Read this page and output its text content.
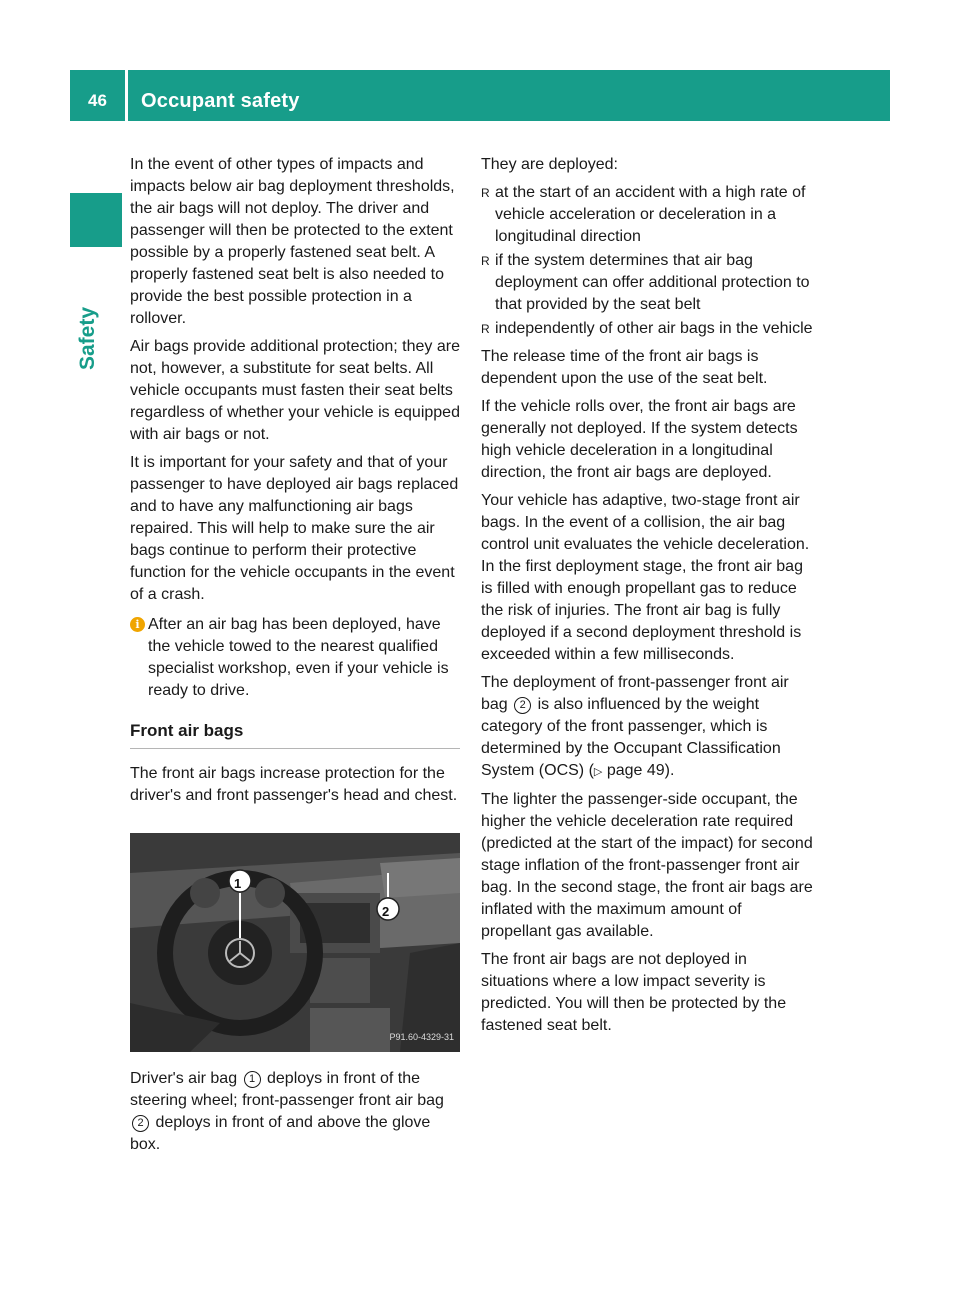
46	Occupant safety
Safety

In the event of other types of impacts and impacts below air bag deployment thresholds, the air bags will not deploy. The driver and passenger will then be protected to the extent possible by a properly fastened seat belt. A properly fastened seat belt is also needed to provide the best possible protection in a rollover.

Air bags provide additional protection; they are not, however, a substitute for seat belts. All vehicle occupants must fasten their seat belts regardless of whether your vehicle is equipped with air bags or not.

It is important for your safety and that of your passenger to have deployed air bags replaced and to have any malfunctioning air bags repaired. This will help to make sure the air bags continue to perform their protective function for the vehicle occupants in the event of a crash.

i After an air bag has been deployed, have the vehicle towed to the nearest qualified specialist workshop, even if your vehicle is ready to drive.
Front air bags

The front air bags increase protection for the driver's and front passenger's head and chest.

1
2
P91.60-4329-31

Driver's air bag 1 deploys in front of the steering wheel; front-passenger front air bag 2 deploys in front of and above the glove box.

They are deployed:

R at the start of an accident with a high rate of vehicle acceleration or deceleration in a longitudinal direction
R if the system determines that air bag deployment can offer additional protection to that provided by the seat belt
R independently of other air bags in the vehicle

The release time of the front air bags is dependent upon the use of the seat belt.

If the vehicle rolls over, the front air bags are generally not deployed. If the system detects high vehicle deceleration in a longitudinal direction, the front air bags are deployed.

Your vehicle has adaptive, two-stage front air bags. In the event of a collision, the air bag control unit evaluates the vehicle deceleration. In the first deployment stage, the front air bag is filled with enough propellant gas to reduce the risk of injuries. The front air bag is fully deployed if a second deployment threshold is exceeded within a few milliseconds.

The deployment of front-passenger front air bag 2 is also influenced by the weight category of the front passenger, which is determined by the Occupant Classification System (OCS) (▷ page 49).

The lighter the passenger-side occupant, the higher the vehicle deceleration rate required (predicted at the start of the impact) for second stage inflation of the front-passenger front air bag. In the second stage, the front air bags are inflated with the maximum amount of propellant gas available.

The front air bags are not deployed in situations where a low impact severity is predicted. You will then be protected by the fastened seat belt.
